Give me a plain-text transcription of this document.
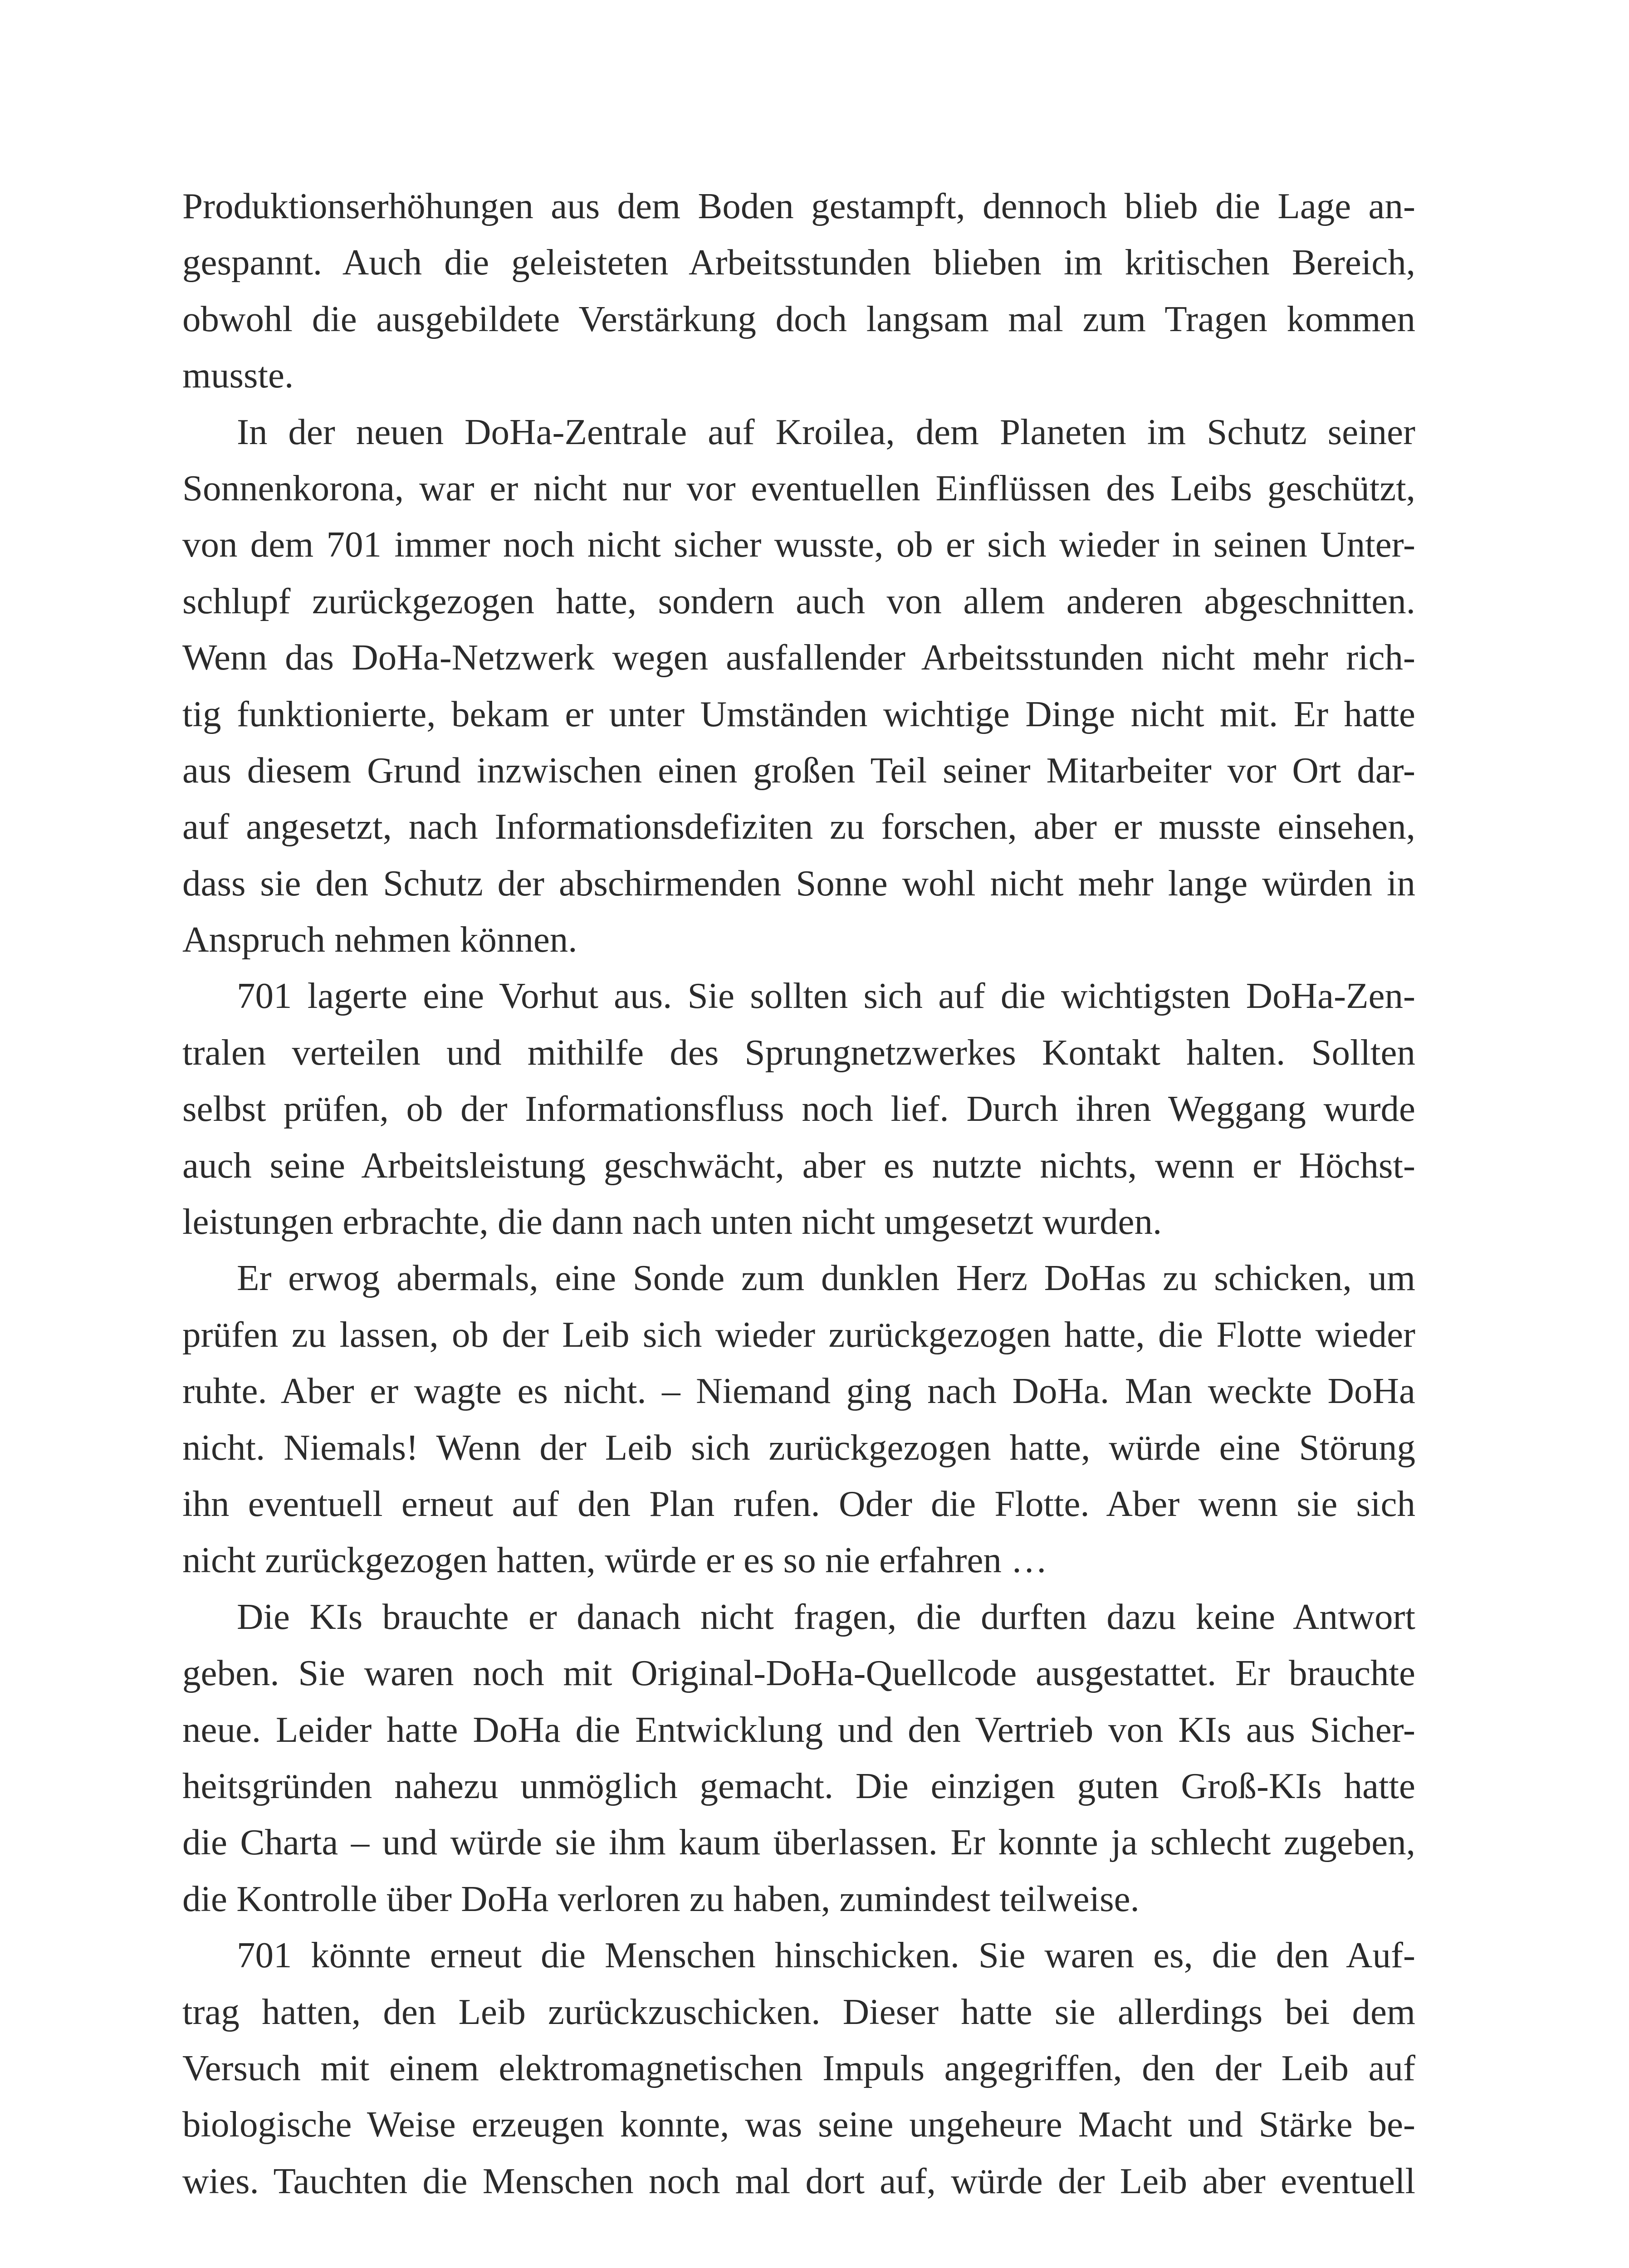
Produktionserhöhungen aus dem Boden gestampft, dennoch blieb die Lage an-
gespannt. Auch die geleisteten Arbeitsstunden blieben im kritischen Bereich,
obwohl die ausgebildete Verstärkung doch langsam mal zum Tragen kommen
musste.
In der neuen DoHa-Zentrale auf Kroilea, dem Planeten im Schutz seiner
Sonnenkorona, war er nicht nur vor eventuellen Einflüssen des Leibs geschützt,
von dem 701 immer noch nicht sicher wusste, ob er sich wieder in seinen Unter-
schlupf zurückgezogen hatte, sondern auch von allem anderen abgeschnitten.
Wenn das DoHa-Netzwerk wegen ausfallender Arbeitsstunden nicht mehr rich-
tig funktionierte, bekam er unter Umständen wichtige Dinge nicht mit. Er hatte
aus diesem Grund inzwischen einen großen Teil seiner Mitarbeiter vor Ort dar-
auf angesetzt, nach Informationsdefiziten zu forschen, aber er musste einsehen,
dass sie den Schutz der abschirmenden Sonne wohl nicht mehr lange würden in
Anspruch nehmen können.
701 lagerte eine Vorhut aus. Sie sollten sich auf die wichtigsten DoHa-Zen-
tralen verteilen und mithilfe des Sprungnetzwerkes Kontakt halten. Sollten
selbst prüfen, ob der Informationsfluss noch lief. Durch ihren Weggang wurde
auch seine Arbeitsleistung geschwächt, aber es nutzte nichts, wenn er Höchst-
leistungen erbrachte, die dann nach unten nicht umgesetzt wurden.
Er erwog abermals, eine Sonde zum dunklen Herz DoHas zu schicken, um
prüfen zu lassen, ob der Leib sich wieder zurückgezogen hatte, die Flotte wieder
ruhte. Aber er wagte es nicht. – Niemand ging nach DoHa. Man weckte DoHa
nicht. Niemals! Wenn der Leib sich zurückgezogen hatte, würde eine Störung
ihn eventuell erneut auf den Plan rufen. Oder die Flotte. Aber wenn sie sich
nicht zurückgezogen hatten, würde er es so nie erfahren …
Die KIs brauchte er danach nicht fragen, die durften dazu keine Antwort
geben. Sie waren noch mit Original-DoHa-Quellcode ausgestattet. Er brauchte
neue. Leider hatte DoHa die Entwicklung und den Vertrieb von KIs aus Sicher-
heitsgründen nahezu unmöglich gemacht. Die einzigen guten Groß-KIs hatte
die Charta – und würde sie ihm kaum überlassen. Er konnte ja schlecht zugeben,
die Kontrolle über DoHa verloren zu haben, zumindest teilweise.
701 könnte erneut die Menschen hinschicken. Sie waren es, die den Auf-
trag hatten, den Leib zurückzuschicken. Dieser hatte sie allerdings bei dem
Versuch mit einem elektromagnetischen Impuls angegriffen, den der Leib auf
biologische Weise erzeugen konnte, was seine ungeheure Macht und Stärke be-
wies. Tauchten die Menschen noch mal dort auf, würde der Leib aber eventuell
